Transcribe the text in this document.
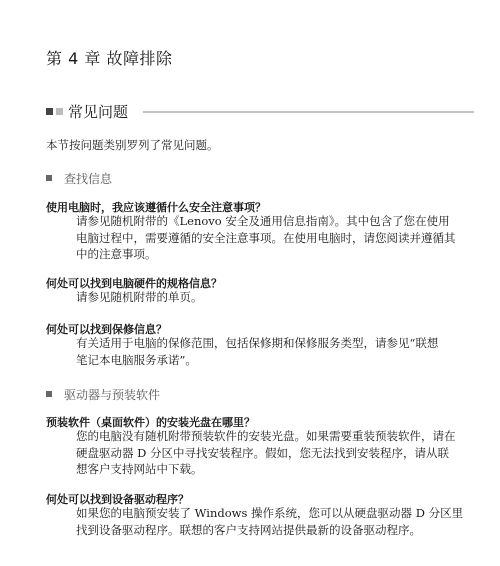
第 4 章 故障排除
常见问题
本节按问题类别罗列了常见问题。
查找信息
使用电脑时，我应该遵循什么安全注意事项？

请参见随机附带的《Lenovo 安全及通用信息指南》。其中包含了您在使用
电脑过程中，需要遵循的安全注意事项。在使用电脑时，请您阅读并遵循其
中的注意事项。

何处可以找到电脑硬件的规格信息？

请参见随机附带的单页。

何处可以找到保修信息？

有关适用于电脑的保修范围，包括保修期和保修服务类型，请参见“联想
笔记本电脑服务承诺”。

驱动器与预装软件
预装软件（桌面软件）的安装光盘在哪里？

您的电脑没有随机附带预装软件的安装光盘。如果需要重装预装软件，请在
硬盘驱动器 D 分区中寻找安装程序。假如，您无法找到安装程序，请从联
想客户支持网站中下载。

何处可以找到设备驱动程序？

如果您的电脑预安装了 Windows 操作系统，您可以从硬盘驱动器 D 分区里
找到设备驱动程序。联想的客户支持网站提供最新的设备驱动程序。
